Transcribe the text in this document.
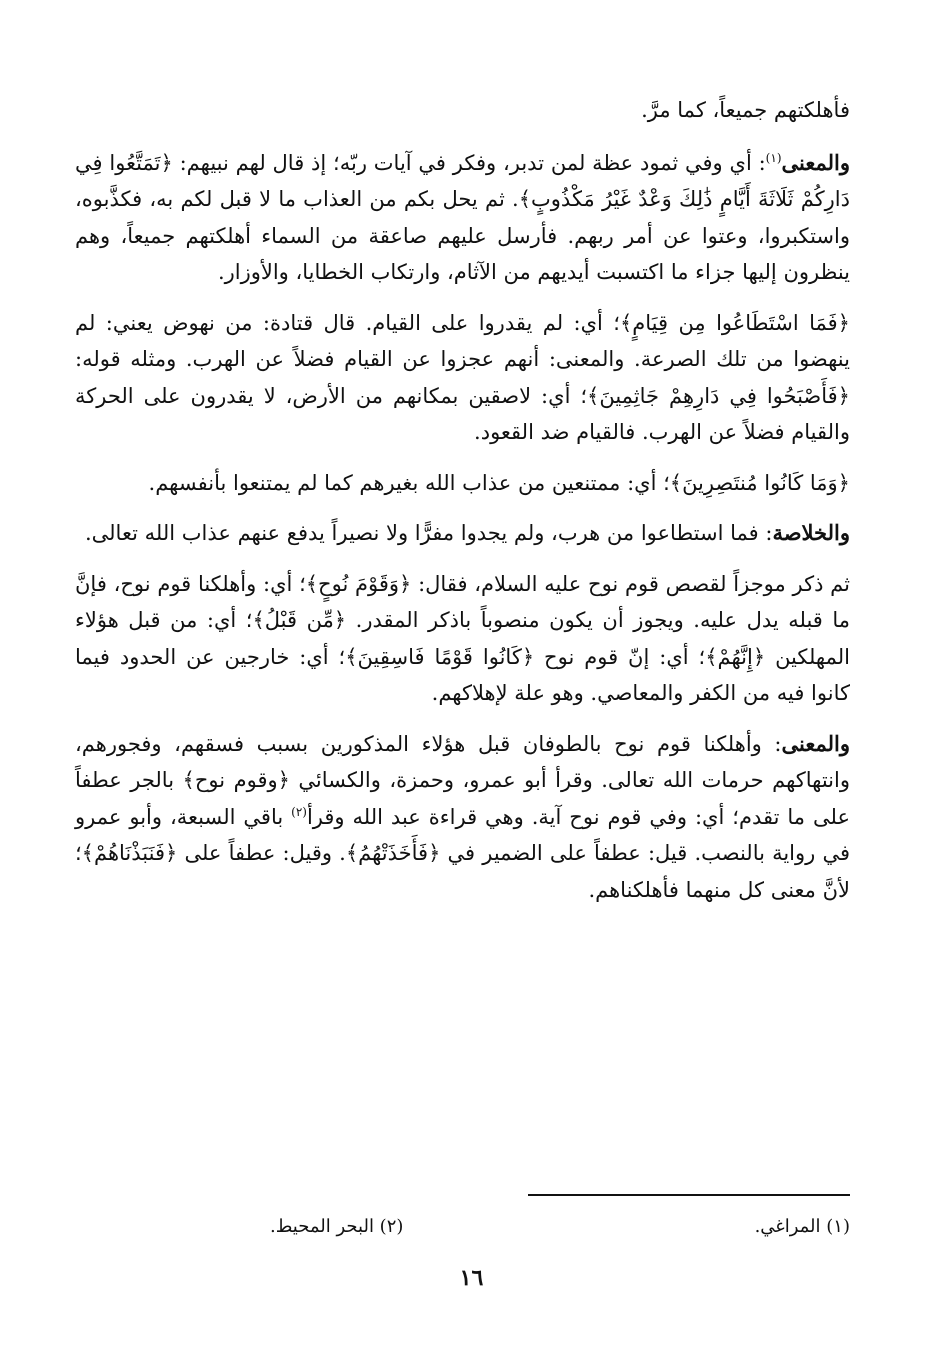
فأهلكتهم جميعاً، كما مرَّ.

والمعنى$^{(١)}$: أي وفي ثمود عظة لمن تدبر، وفكر في آيات ربّه؛ إذ قال لهم نبيهم: ﴿تَمَتَّعُوا فِي دَارِكُمْ ثَلَاثَةَ أَيَّامٍ ذَٰلِكَ وَعْدٌ غَيْرُ مَكْذُوبٍ﴾. ثم يحل بكم من العذاب ما لا قبل لكم به، فكذَّبوه، واستكبروا، وعتوا عن أمر ربهم. فأرسل عليهم صاعقة من السماء أهلكتهم جميعاً، وهم ينظرون إليها جزاء ما اكتسبت أيديهم من الآثام، وارتكاب الخطايا، والأوزار.

﴿فَمَا اسْتَطَاعُوا مِن قِيَامٍ﴾؛ أي: لم يقدروا على القيام. قال قتادة: من نهوض يعني: لم ينهضوا من تلك الصرعة. والمعنى: أنهم عجزوا عن القيام فضلاً عن الهرب. ومثله قوله: ﴿فَأَصْبَحُوا فِي دَارِهِمْ جَاثِمِينَ﴾؛ أي: لاصقين بمكانهم من الأرض، لا يقدرون على الحركة والقيام فضلاً عن الهرب. فالقيام ضد القعود.

﴿وَمَا كَانُوا مُنتَصِرِينَ﴾؛ أي: ممتنعين من عذاب الله بغيرهم كما لم يمتنعوا بأنفسهم.

والخلاصة: فما استطاعوا من هرب، ولم يجدوا مفرًّا ولا نصيراً يدفع عنهم عذاب الله تعالى.

ثم ذكر موجزاً لقصص قوم نوح عليه السلام، فقال: ﴿وَقَوْمَ نُوحٍ﴾؛ أي: وأهلكنا قوم نوح، فإنَّ ما قبله يدل عليه. ويجوز أن يكون منصوباً باذكر المقدر. ﴿مِّن قَبْلُ﴾؛ أي: من قبل هؤلاء المهلكين ﴿إِنَّهُمْ﴾؛ أي: إنّ قوم نوح ﴿كَانُوا قَوْمًا فَاسِقِينَ﴾؛ أي: خارجين عن الحدود فيما كانوا فيه من الكفر والمعاصي. وهو علة لإهلاكهم.

والمعنى: وأهلكنا قوم نوح بالطوفان قبل هؤلاء المذكورين بسبب فسقهم، وفجورهم، وانتهاكهم حرمات الله تعالى. وقرأ أبو عمرو، وحمزة، والكسائي ﴿وقوم نوح﴾ بالجر عطفاً على ما تقدم؛ أي: وفي قوم نوح آية. وهي قراءة عبد الله وقرأ$^{(٢)}$ باقي السبعة، وأبو عمرو في رواية بالنصب. قيل: عطفاً على الضمير في ﴿فَأَخَذَتْهُمُ﴾. وقيل: عطفاً على ﴿فَنَبَذْنَاهُمْ﴾؛ لأنَّ معنى كل منهما فأهلكناهم.

(١) المراغي.
(٢) البحر المحيط.
١٦
